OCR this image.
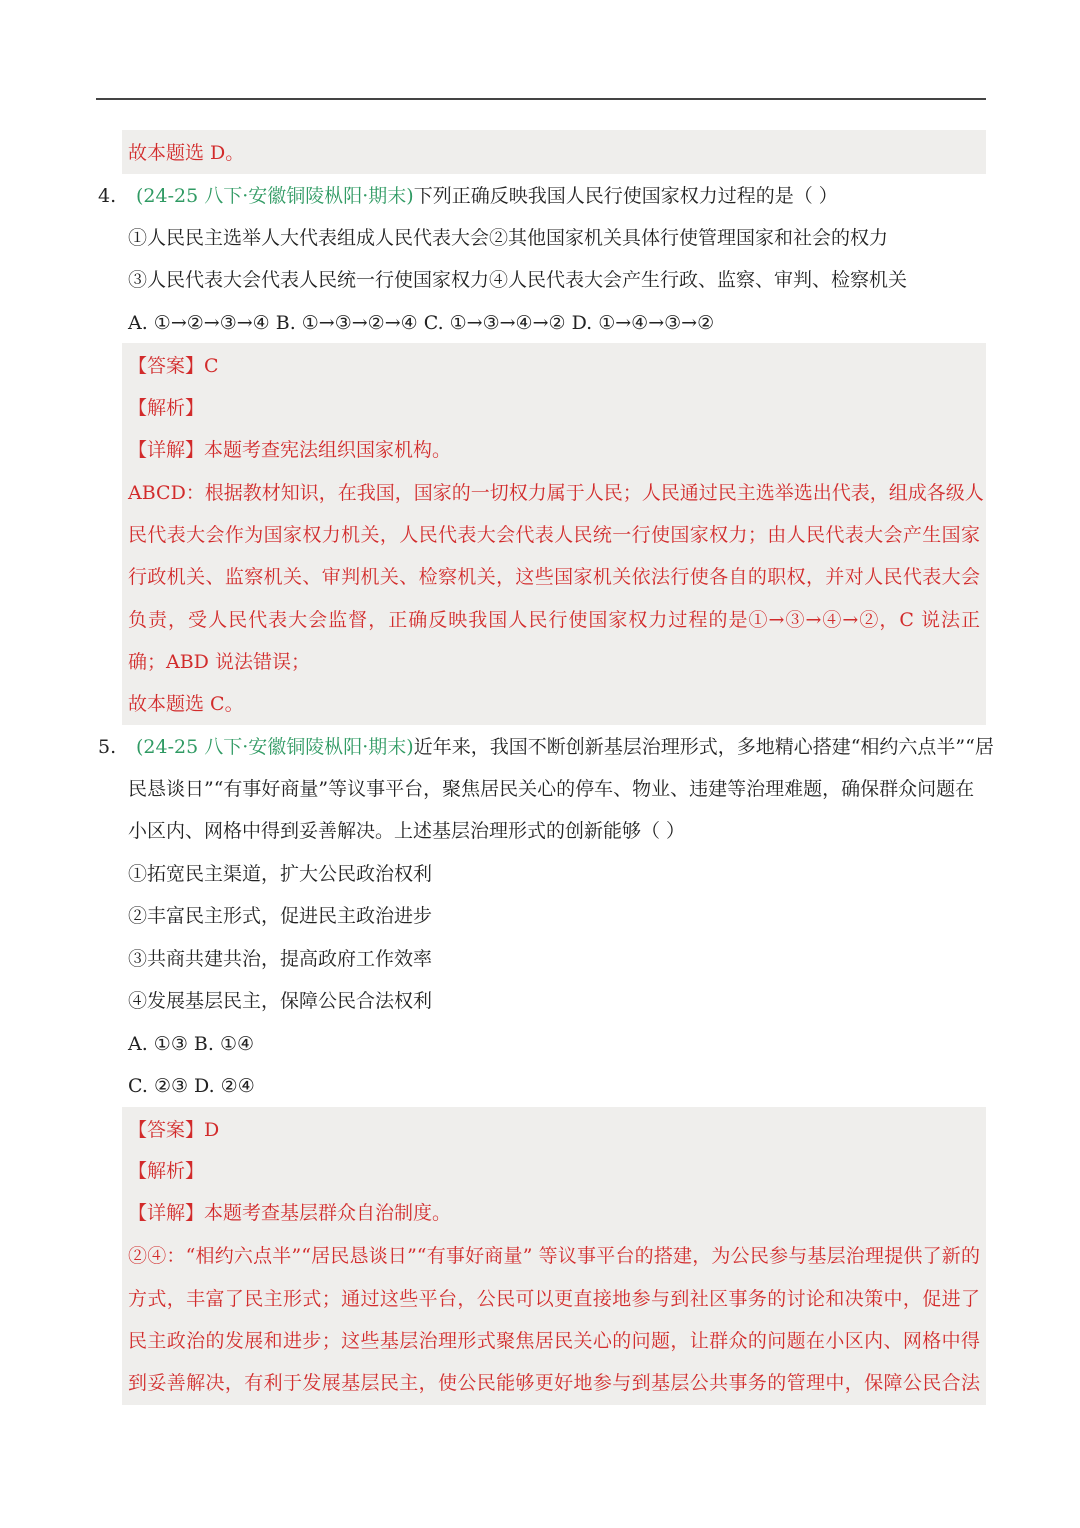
故本题选 D。
4. (24-25 八下·安徽铜陵枞阳·期末)下列正确反映我国人民行使国家权力过程的是（ ）
①人民民主选举人大代表组成人民代表大会②其他国家机关具体行使管理国家和社会的权力
③人民代表大会代表人民统一行使国家权力④人民代表大会产生行政、监察、审判、检察机关
A. ①→②→③→④ B. ①→③→②→④ C. ①→③→④→② D. ①→④→③→②
【答案】C
【解析】
【详解】本题考查宪法组织国家机构。
ABCD：根据教材知识，在我国，国家的一切权力属于人民；人民通过民主选举选出代表，组成各级人
民代表大会作为国家权力机关，人民代表大会代表人民统一行使国家权力；由人民代表大会产生国家
行政机关、监察机关、审判机关、检察机关，这些国家机关依法行使各自的职权，并对人民代表大会
负责，受人民代表大会监督，正确反映我国人民行使国家权力过程的是①→③→④→②，C 说法正
确；ABD 说法错误；
故本题选 C。
5. (24-25 八下·安徽铜陵枞阳·期末)近年来，我国不断创新基层治理形式，多地精心搭建“相约六点半”“居
民恳谈日”“有事好商量”等议事平台，聚焦居民关心的停车、物业、违建等治理难题，确保群众问题在
小区内、网格中得到妥善解决。上述基层治理形式的创新能够（ ）
①拓宽民主渠道，扩大公民政治权利
②丰富民主形式，促进民主政治进步
③共商共建共治，提高政府工作效率
④发展基层民主，保障公民合法权利
A. ①③ B. ①④
C. ②③ D. ②④
【答案】D
【解析】
【详解】本题考查基层群众自治制度。
②④：“相约六点半”“居民恳谈日”“有事好商量” 等议事平台的搭建，为公民参与基层治理提供了新的
方式，丰富了民主形式；通过这些平台，公民可以更直接地参与到社区事务的讨论和决策中，促进了
民主政治的发展和进步；这些基层治理形式聚焦居民关心的问题，让群众的问题在小区内、网格中得
到妥善解决，有利于发展基层民主，使公民能够更好地参与到基层公共事务的管理中，保障公民合法
